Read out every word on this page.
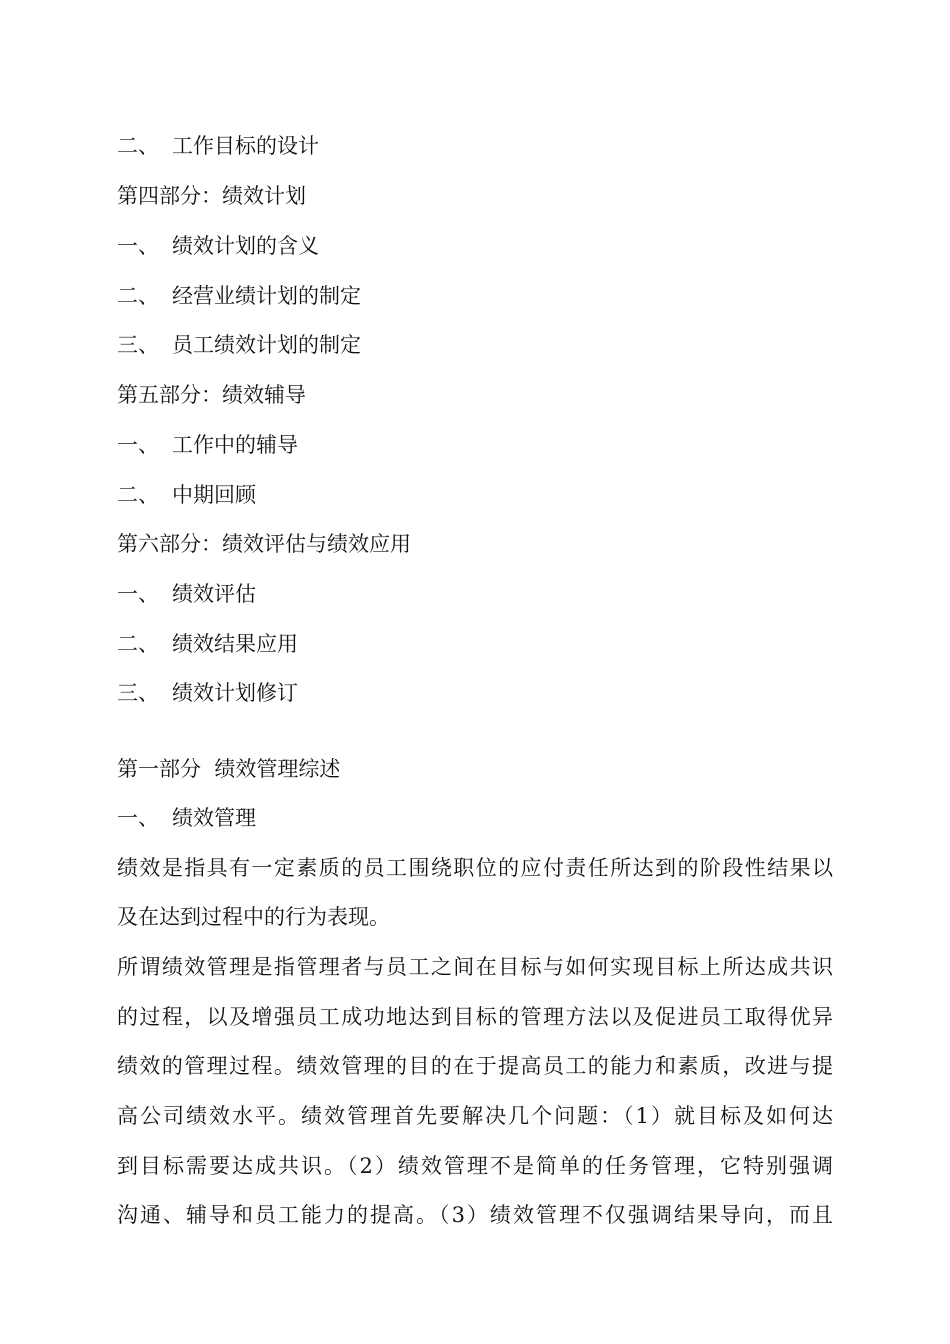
二、 工作目标的设计
第四部分：绩效计划
一、 绩效计划的含义
二、 经营业绩计划的制定
三、 员工绩效计划的制定
第五部分：绩效辅导
一、 工作中的辅导
二、 中期回顾
第六部分：绩效评估与绩效应用
一、 绩效评估
二、 绩效结果应用
三、 绩效计划修订
第一部分  绩效管理综述
一、 绩效管理
绩效是指具有一定素质的员工围绕职位的应付责任所达到的阶段性结果以
及在达到过程中的行为表现。
所谓绩效管理是指管理者与员工之间在目标与如何实现目标上所达成共识
的过程，以及增强员工成功地达到目标的管理方法以及促进员工取得优异
绩效的管理过程。绩效管理的目的在于提高员工的能力和素质，改进与提
高公司绩效水平。绩效管理首先要解决几个问题：（1）就目标及如何达
到目标需要达成共识。（2）绩效管理不是简单的任务管理，它特别强调
沟通、辅导和员工能力的提高。（3）绩效管理不仅强调结果导向，而且
